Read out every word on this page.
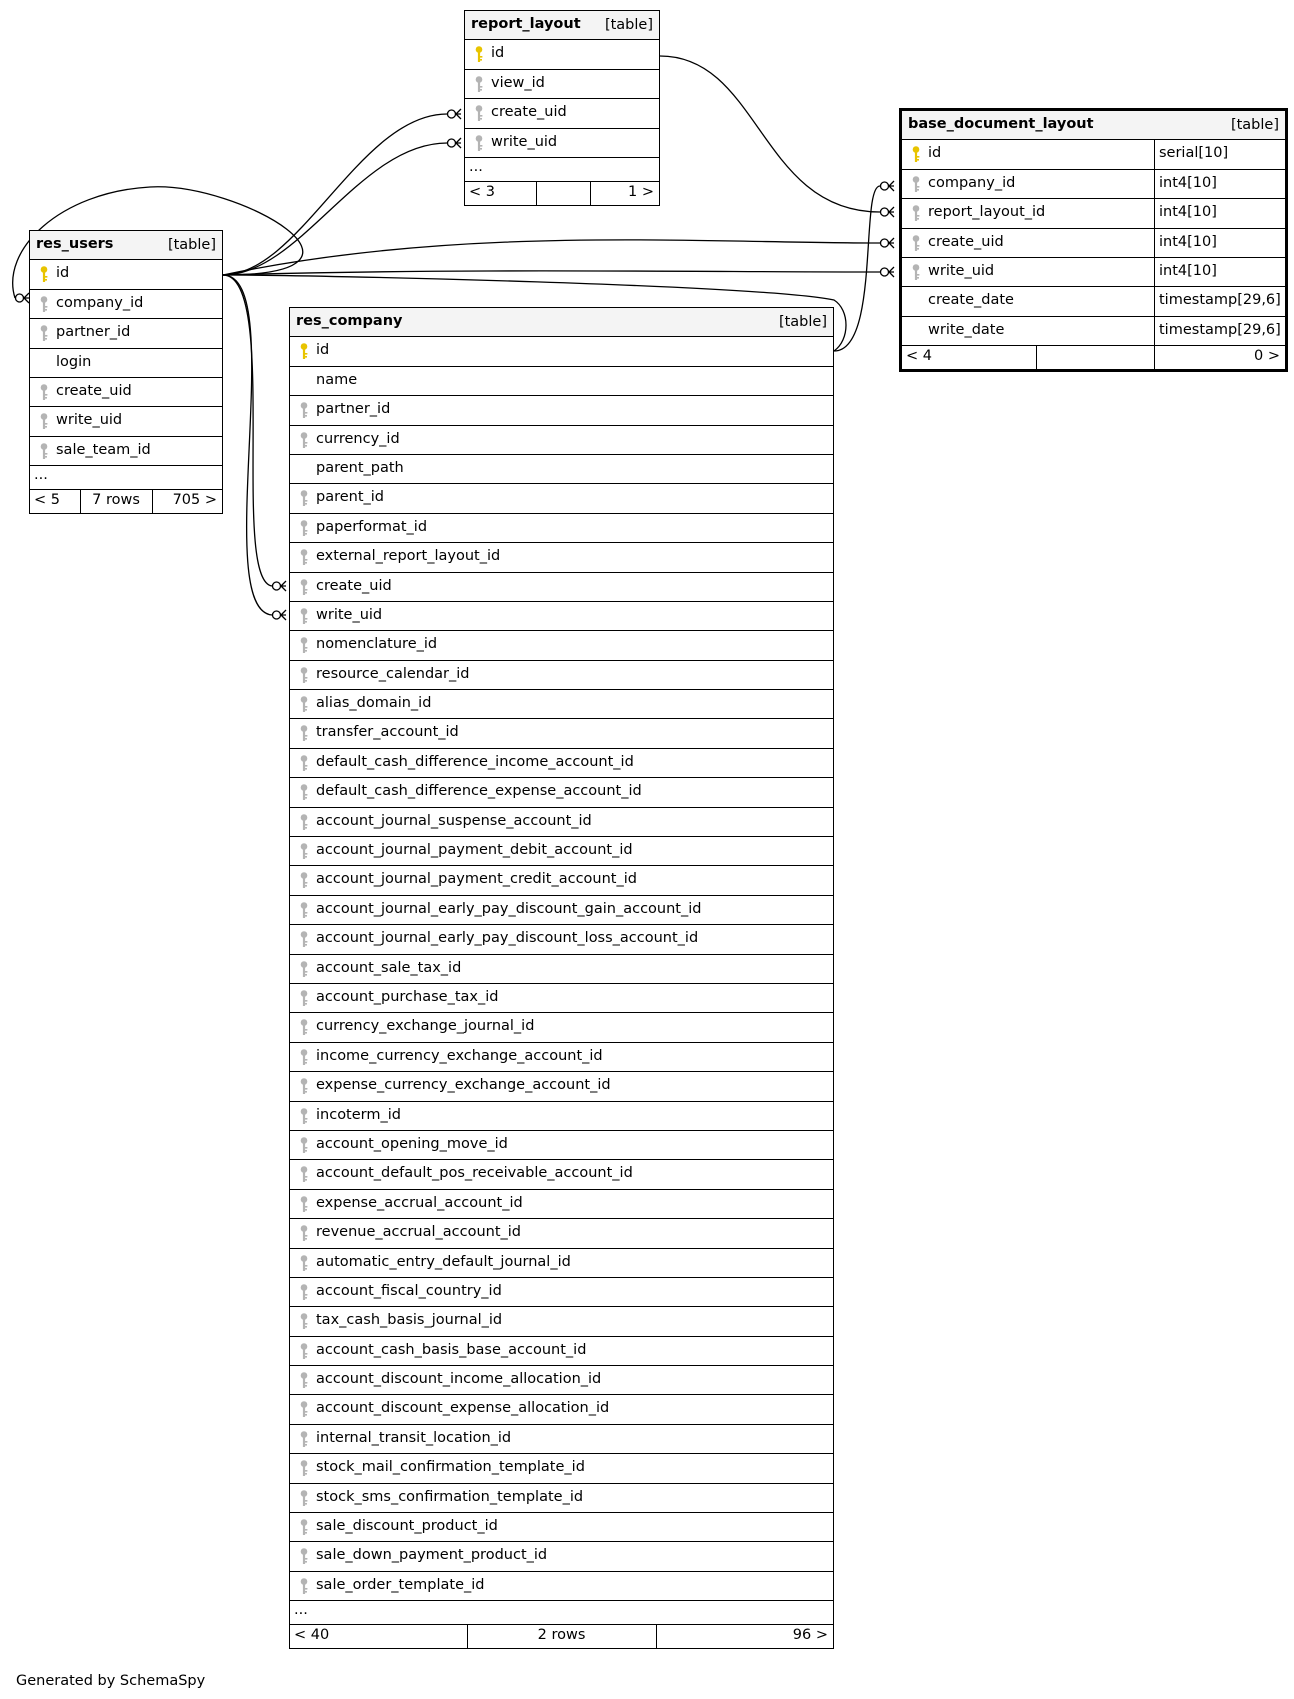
report_layout [table]
id
view_id
create_uid
write_uid
...
< 3	1 >
base_document_layout	[table]
id	serial[10]
company_id	int4[10]
report_layout_id	int4[10]
create_uid	int4[10]
write_uid	int4[10]
create_date	timestamp[29,6]
write_date	timestamp[29,6]
< 4	0 >
res_users	[table]
id
company_id
partner_id
login
create_uid
write_uid
sale_team_id
...
< 5	7 rows	705 >
res_company	[table]
id
name
partner_id
currency_id
parent_path
parent_id
paperformat_id
external_report_layout_id
create_uid
write_uid
nomenclature_id
resource_calendar_id
alias_domain_id
transfer_account_id
default_cash_difference_income_account_id
default_cash_difference_expense_account_id
account_journal_suspense_account_id
account_journal_payment_debit_account_id
account_journal_payment_credit_account_id
account_journal_early_pay_discount_gain_account_id
account_journal_early_pay_discount_loss_account_id
account_sale_tax_id
account_purchase_tax_id
currency_exchange_journal_id
income_currency_exchange_account_id
expense_currency_exchange_account_id
incoterm_id
account_opening_move_id
account_default_pos_receivable_account_id
expense_accrual_account_id
revenue_accrual_account_id
automatic_entry_default_journal_id
account_fiscal_country_id
tax_cash_basis_journal_id
account_cash_basis_base_account_id
account_discount_income_allocation_id
account_discount_expense_allocation_id
internal_transit_location_id
stock_mail_confirmation_template_id
stock_sms_confirmation_template_id
sale_discount_product_id
sale_down_payment_product_id
sale_order_template_id
...
< 40	2 rows	96 >
Generated by SchemaSpy
